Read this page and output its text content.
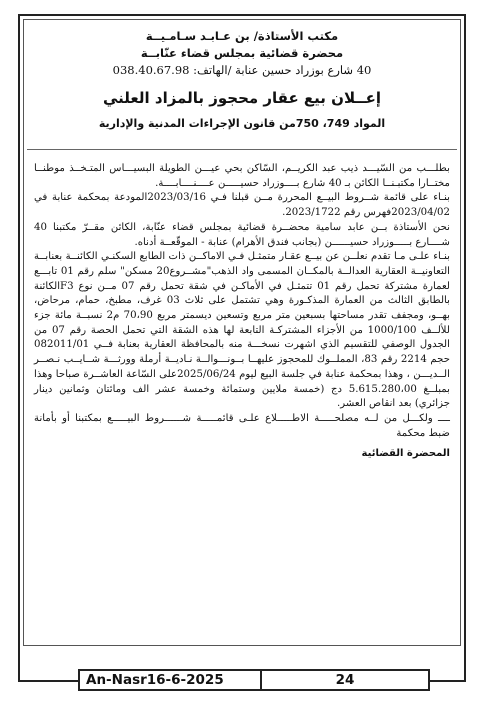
مكتب الأستاذة/ بن عـابـد سـامـيــة
محضرة قضائية بمجلس قضاء عنّابــة
40 شارع بوزراد حسين عنابة /الهاتف: 038.40.67.98
إعــلان بيع عقار محجوز بالمزاد العلني
المواد 749، 750من قانون الإجراءات المدنية والإدارية

بطلـــب من السّيـــد ذيب عبد الكريــم، السّاكن بحي عيـــن الطويلة البسيـــاس المتـخــذ موطنــا مختــارا مكتبـنــا الكائن بـ 40 شارع بــــوزراد حسيـــــن عــــنــــابــــة.

بنـاء على قائمة شــروط البيــع المحررة مــن قبلنا فـي 2023/03/16المودعة بمحكمة عنابة في 2023/04/02فهرس رقم 2023/1722.

نحن الأستاذة بــن عابد سامية محضــرة قضائية بمجلس قضاء عنّابة، الكائن مقــرّ مكتبنا 40 شــــارع بـــــوزراد حسيــــــن (بجانب فندق الأهرام) عنابة - الموقّعــة أدناه.

بنـاء علـى مـا تقدم نعلــن عن بيــع عقـار متمثـل فـي الاماكــن ذات الطابع السكنـي الكائنــة بعنابــة التعاونيــة العقارية العدالــة بالمكــان المسمى واد الذهب"مشــروع20 مسكن" سلم رقم 01 تابـــع لعمارة مشتركة تحمل رقم 01 تتمثـل في الأماكـن في شقة تحمل رقم 07 مــن نوع F3الكائنة بالطابق الثالث من العمارة المذكـورة وهي تشتمل على ثلاث 03 غرف، مطبخ، حمام، مرحاض، بهــو، ومجفف تقدر مساحتها بسبعين متر مربع وتسعين ديسمتر مربع 70،90 م2 نسبــة مائة جزء للألــف 1000/100 من الأجزاء المشتركـة التابعة لها هذه الشقة التي تحمل الحصة رقم 07 من الجدول الوصفي للتقسيم الذي اشهرت نسخـــة منه بالمحافظة العقارية بعنابة فــي 082011/01 حجم 2214 رقم 83، المملــوك للمحجوز عليهــا بــونـــوالــة نـاديــة أرملة وورثـــة شــايــب نـصــر الــديـــن ، وهذا بمحكمة عنابة في جلسة البيع ليوم 2025/06/24على السّاعة العاشــرة صباحا وهذا بمبلــغ 5.615.280،00 دج (خمسة ملايين وستمائة وخمسة عشر الف ومائتان وثمانين دينار جزائري) بعد انقاص العشر.

ــــ ولكـــل من لــه مصلحـــــة الاطـــــلاع علـى قائمـــــة شــــــروط البيـــــع بمكتبنا أو بأمانة ضبط محكمة

المحضرة القضائية
An-Nasr16-6-2025	24
